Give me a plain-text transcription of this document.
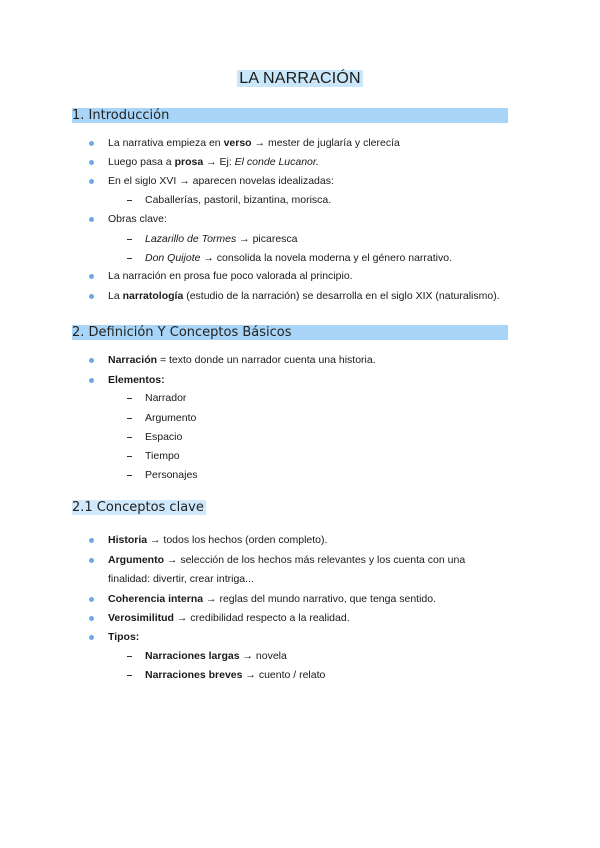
LA NARRACIÓN
1. Introducción
La narrativa empieza en verso → mester de juglaría y clerecía
Luego pasa a prosa → Ej: El conde Lucanor.
En el siglo XVI → aparecen novelas idealizadas:
Caballerías, pastoril, bizantina, morisca.
Obras clave:
Lazarillo de Tormes → picaresca
Don Quijote → consolida la novela moderna y el género narrativo.
La narración en prosa fue poco valorada al principio.
La narratología (estudio de la narración) se desarrolla en el siglo XIX (naturalismo).
2. Definición Y Conceptos Básicos
Narración = texto donde un narrador cuenta una historia.
Elementos:
Narrador
Argumento
Espacio
Tiempo
Personajes
2.1 Conceptos clave
Historia → todos los hechos (orden completo).
Argumento → selección de los hechos más relevantes y los cuenta con una
finalidad: divertir, crear intriga...
Coherencia interna → reglas del mundo narrativo, que tenga sentido.
Verosimilitud → credibilidad respecto a la realidad.
Tipos:
Narraciones largas → novela
Narraciones breves → cuento / relato
